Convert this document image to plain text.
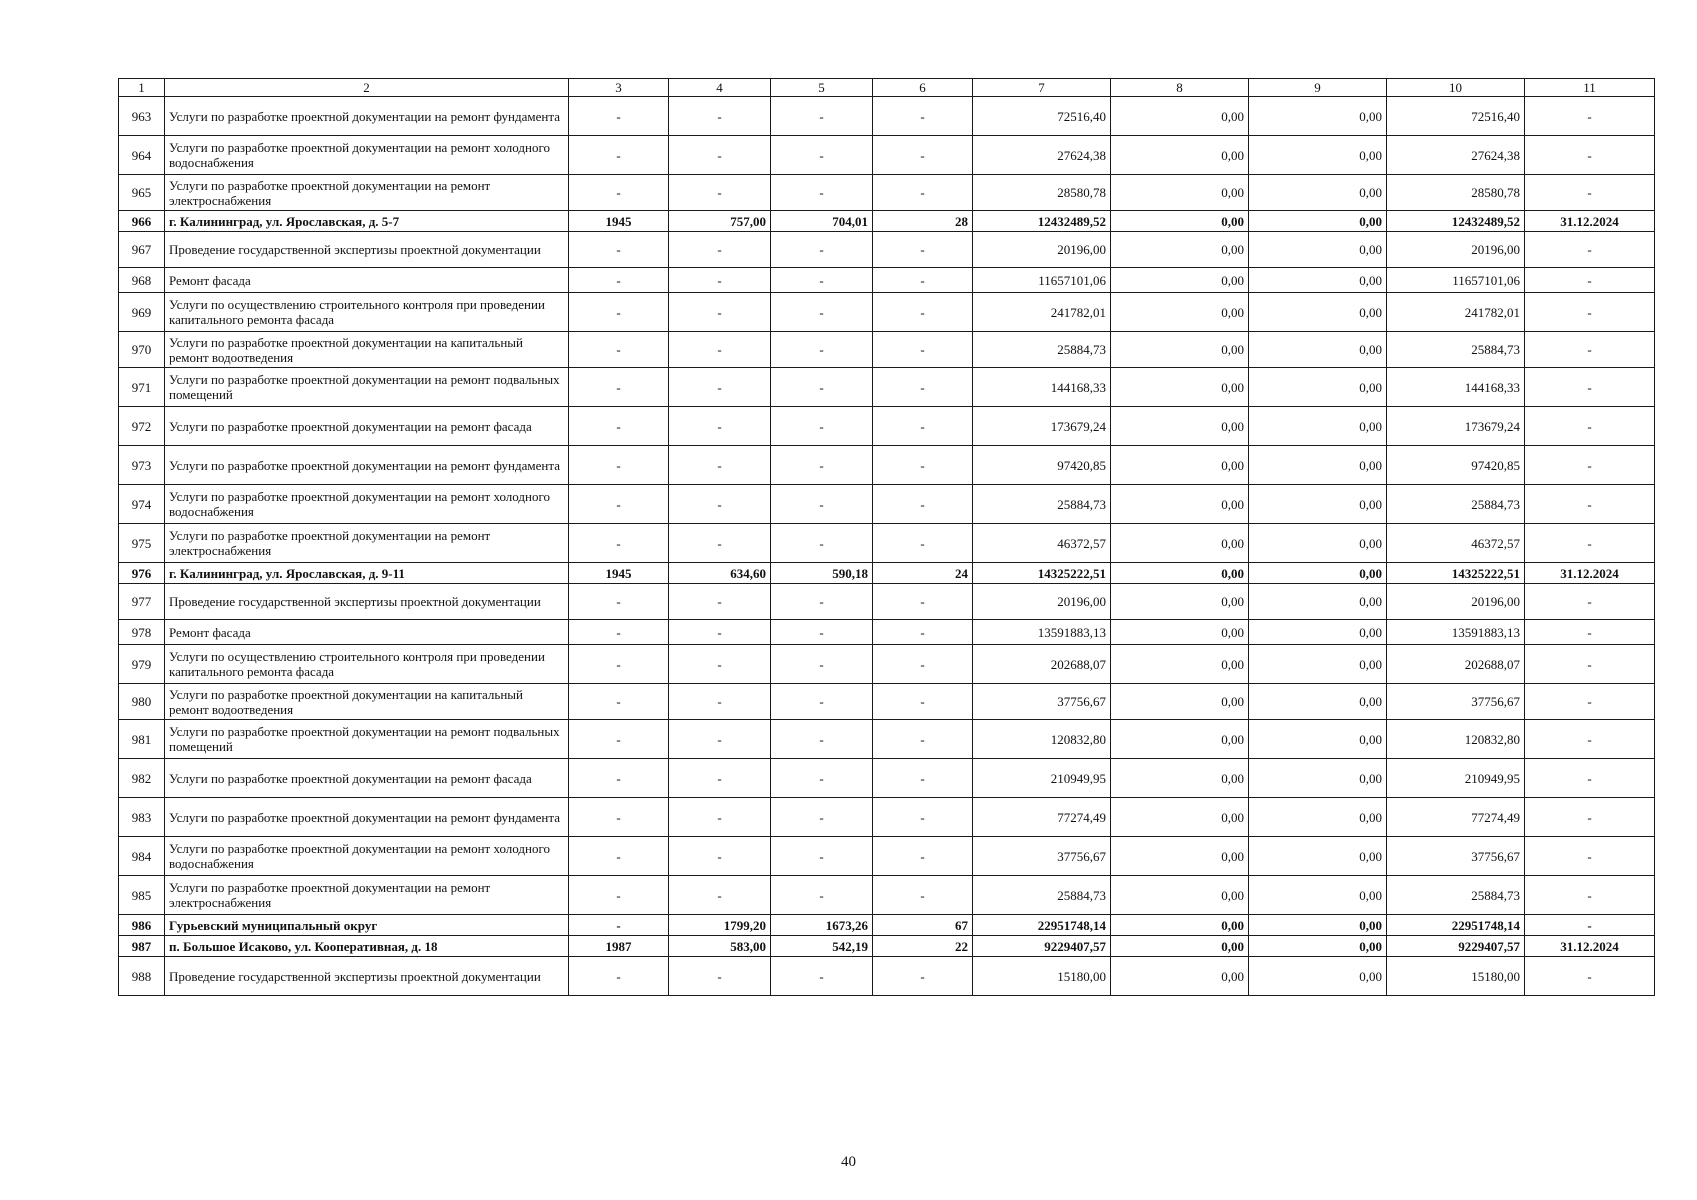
1	2	3	4	5	6	7	8	9	10	11
963	Услуги по разработке проектной документации на ремонт фундамента	-	-	-	-	72516,40	0,00	0,00	72516,40	-
964	Услуги по разработке проектной документации на ремонт холодного водоснабжения	-	-	-	-	27624,38	0,00	0,00	27624,38	-
965	Услуги по разработке проектной документации на ремонт электроснабжения	-	-	-	-	28580,78	0,00	0,00	28580,78	-
966	г. Калининград, ул. Ярославская, д. 5-7	1945	757,00	704,01	28	12432489,52	0,00	0,00	12432489,52	31.12.2024
967	Проведение государственной экспертизы проектной документации	-	-	-	-	20196,00	0,00	0,00	20196,00	-
968	Ремонт фасада	-	-	-	-	11657101,06	0,00	0,00	11657101,06	-
969	Услуги по осуществлению строительного контроля при проведении капитального ремонта фасада	-	-	-	-	241782,01	0,00	0,00	241782,01	-
970	Услуги по разработке проектной документации на капитальный ремонт водоотведения	-	-	-	-	25884,73	0,00	0,00	25884,73	-
971	Услуги по разработке проектной документации на ремонт подвальных помещений	-	-	-	-	144168,33	0,00	0,00	144168,33	-
972	Услуги по разработке проектной документации на ремонт фасада	-	-	-	-	173679,24	0,00	0,00	173679,24	-
973	Услуги по разработке проектной документации на ремонт фундамента	-	-	-	-	97420,85	0,00	0,00	97420,85	-
974	Услуги по разработке проектной документации на ремонт холодного водоснабжения	-	-	-	-	25884,73	0,00	0,00	25884,73	-
975	Услуги по разработке проектной документации на ремонт электроснабжения	-	-	-	-	46372,57	0,00	0,00	46372,57	-
976	г. Калининград, ул. Ярославская, д. 9-11	1945	634,60	590,18	24	14325222,51	0,00	0,00	14325222,51	31.12.2024
977	Проведение государственной экспертизы проектной документации	-	-	-	-	20196,00	0,00	0,00	20196,00	-
978	Ремонт фасада	-	-	-	-	13591883,13	0,00	0,00	13591883,13	-
979	Услуги по осуществлению строительного контроля при проведении капитального ремонта фасада	-	-	-	-	202688,07	0,00	0,00	202688,07	-
980	Услуги по разработке проектной документации на капитальный ремонт водоотведения	-	-	-	-	37756,67	0,00	0,00	37756,67	-
981	Услуги по разработке проектной документации на ремонт подвальных помещений	-	-	-	-	120832,80	0,00	0,00	120832,80	-
982	Услуги по разработке проектной документации на ремонт фасада	-	-	-	-	210949,95	0,00	0,00	210949,95	-
983	Услуги по разработке проектной документации на ремонт фундамента	-	-	-	-	77274,49	0,00	0,00	77274,49	-
984	Услуги по разработке проектной документации на ремонт холодного водоснабжения	-	-	-	-	37756,67	0,00	0,00	37756,67	-
985	Услуги по разработке проектной документации на ремонт электроснабжения	-	-	-	-	25884,73	0,00	0,00	25884,73	-
986	Гурьевский муниципальный округ	-	1799,20	1673,26	67	22951748,14	0,00	0,00	22951748,14	-
987	п. Большое Исаково, ул. Кооперативная, д. 18	1987	583,00	542,19	22	9229407,57	0,00	0,00	9229407,57	31.12.2024
988	Проведение государственной экспертизы проектной документации	-	-	-	-	15180,00	0,00	0,00	15180,00	-
40
